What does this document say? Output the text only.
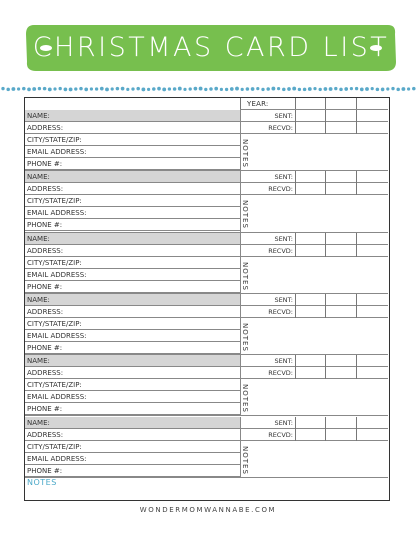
CHRISTMAS CARD LIST
YEAR:
NAME:
ADDRESS:
CITY/STATE/ZIP:
EMAIL ADDRESS:
PHONE #:
SENT:
RECVD:
NOTES
NAME:
ADDRESS:
CITY/STATE/ZIP:
EMAIL ADDRESS:
PHONE #:
SENT:
RECVD:
NOTES
NAME:
ADDRESS:
CITY/STATE/ZIP:
EMAIL ADDRESS:
PHONE #:
SENT:
RECVD:
NOTES
NAME:
ADDRESS:
CITY/STATE/ZIP:
EMAIL ADDRESS:
PHONE #:
SENT:
RECVD:
NOTES
NAME:
ADDRESS:
CITY/STATE/ZIP:
EMAIL ADDRESS:
PHONE #:
SENT:
RECVD:
NOTES
NAME:
ADDRESS:
CITY/STATE/ZIP:
EMAIL ADDRESS:
PHONE #:
SENT:
RECVD:
NOTES
NOTES
WONDERMOMWANNABE.COM
